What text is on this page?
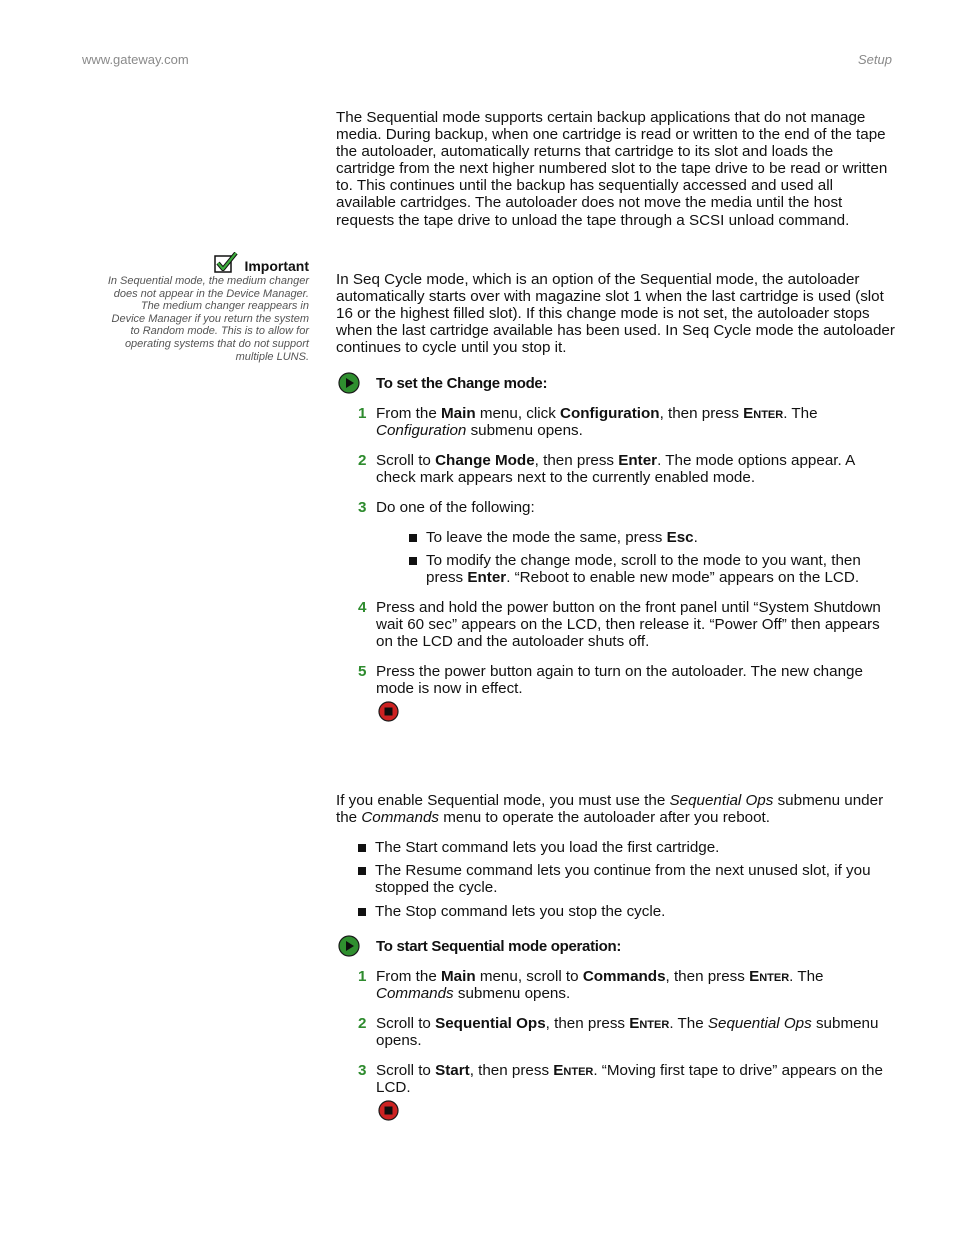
www.gateway.com	Setup
Important
In Sequential mode, the medium changer
does not appear in the Device Manager.
The medium changer reappears in
Device Manager if you return the system
to Random mode. This is to allow for
operating systems that do not support
multiple LUNS.

The Sequential mode supports certain backup applications that do not manage media. During backup, when one cartridge is read or written to the end of the tape the autoloader, automatically returns that cartridge to its slot and loads the cartridge from the next higher numbered slot to the tape drive to be read or written to. This continues until the backup has sequentially accessed and used all available cartridges. The autoloader does not move the media until the host requests the tape drive to unload the tape through a SCSI unload command.

In Seq Cycle mode, which is an option of the Sequential mode, the autoloader automatically starts over with magazine slot 1 when the last cartridge is used (slot 16 or the highest filled slot). If this change mode is not set, the autoloader stops when the last cartridge available has been used. In Seq Cycle mode the autoloader continues to cycle until you stop it.

To set the Change mode:
1 From the Main menu, click Configuration, then press Enter. The Configuration submenu opens.
2 Scroll to Change Mode, then press Enter. The mode options appear. A check mark appears next to the currently enabled mode.
3 Do one of the following:
To leave the mode the same, press Esc.
To modify the change mode, scroll to the mode to you want, then press Enter. “Reboot to enable new mode” appears on the LCD.
4 Press and hold the power button on the front panel until “System Shutdown wait 60 sec” appears on the LCD, then release it. “Power Off” then appears on the LCD and the autoloader shuts off.
5 Press the power button again to turn on the autoloader. The new change mode is now in effect.

If you enable Sequential mode, you must use the Sequential Ops submenu under the Commands menu to operate the autoloader after you reboot.

The Start command lets you load the first cartridge.
The Resume command lets you continue from the next unused slot, if you stopped the cycle.
The Stop command lets you stop the cycle.
To start Sequential mode operation:
1 From the Main menu, scroll to Commands, then press Enter. The Commands submenu opens.
2 Scroll to Sequential Ops, then press Enter. The Sequential Ops submenu opens.
3 Scroll to Start, then press Enter. “Moving first tape to drive” appears on the LCD.
